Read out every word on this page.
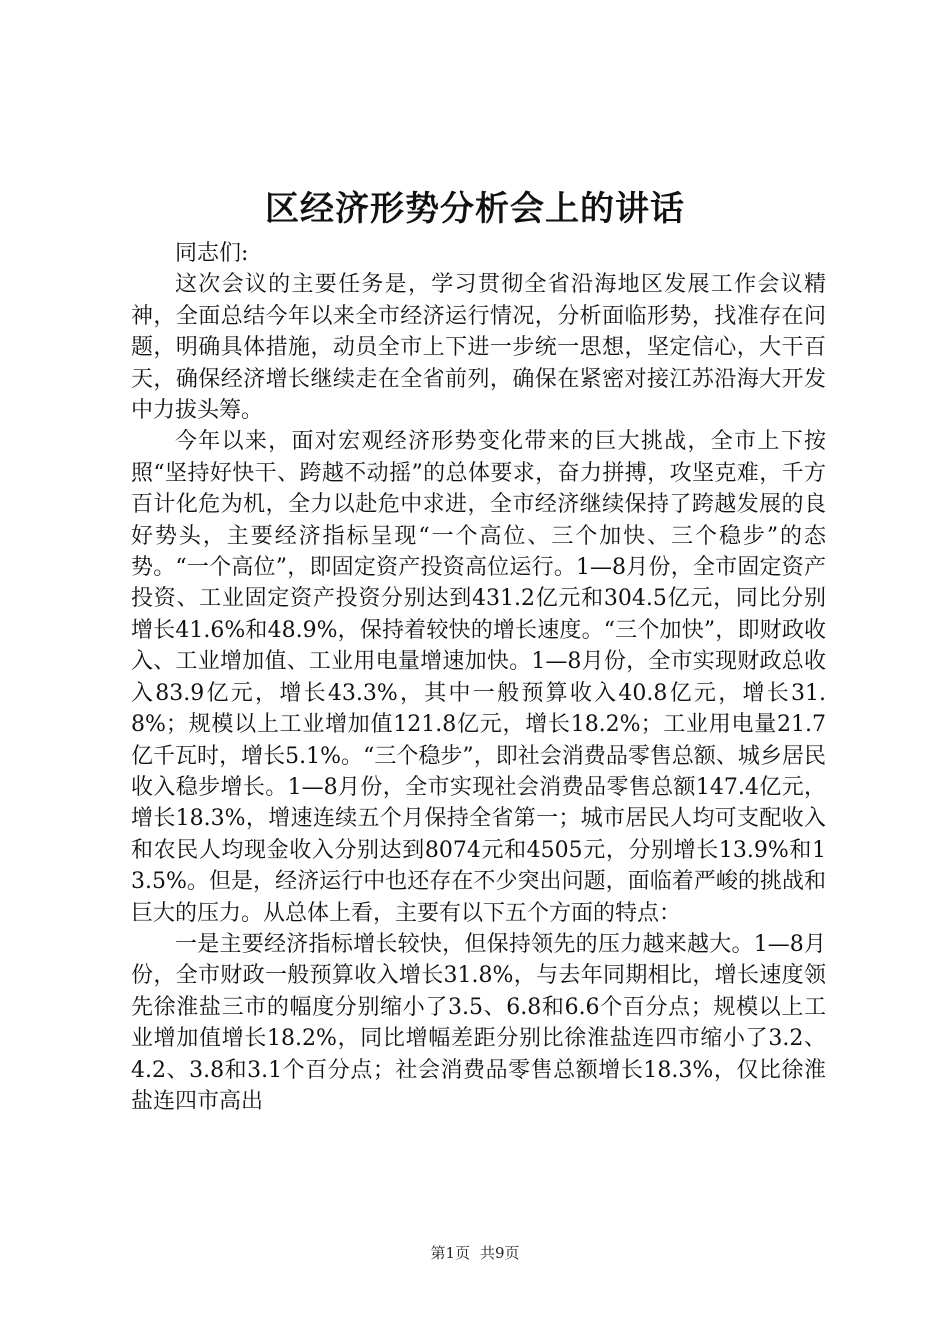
区经济形势分析会上的讲话

同志们:

这次会议的主要任务是，学习贯彻全省沿海地区发展工作会议精神，全面总结今年以来全市经济运行情况，分析面临形势，找准存在问题，明确具体措施，动员全市上下进一步统一思想，坚定信心，大干百天，确保经济增长继续走在全省前列，确保在紧密对接江苏沿海大开发中力拔头筹。

今年以来，面对宏观经济形势变化带来的巨大挑战，全市上下按照“坚持好快干、跨越不动摇”的总体要求，奋力拼搏，攻坚克难，千方百计化危为机，全力以赴危中求进，全市经济继续保持了跨越发展的良好势头，主要经济指标呈现“一个高位、三个加快、三个稳步”的态势。“一个高位”，即固定资产投资高位运行。1—8月份，全市固定资产投资、工业固定资产投资分别达到431.2亿元和304.5亿元，同比分别增长41.6%和48.9%，保持着较快的增长速度。“三个加快”，即财政收入、工业增加值、工业用电量增速加快。1—8月份，全市实现财政总收入83.9亿元，增长43.3%，其中一般预算收入40.8亿元，增长31.8%；规模以上工业增加值121.8亿元，增长18.2%；工业用电量21.7亿千瓦时，增长5.1%。“三个稳步”，即社会消费品零售总额、城乡居民收入稳步增长。1—8月份，全市实现社会消费品零售总额147.4亿元，增长18.3%，增速连续五个月保持全省第一；城市居民人均可支配收入和农民人均现金收入分别达到8074元和4505元，分别增长13.9%和13.5%。但是，经济运行中也还存在不少突出问题，面临着严峻的挑战和巨大的压力。从总体上看，主要有以下五个方面的特点：

一是主要经济指标增长较快，但保持领先的压力越来越大。1—8月份，全市财政一般预算收入增长31.8%，与去年同期相比，增长速度领先徐淮盐三市的幅度分别缩小了3.5、6.8和6.6个百分点；规模以上工业增加值增长18.2%，同比增幅差距分别比徐淮盐连四市缩小了3.2、4.2、3.8和3.1个百分点；社会消费品零售总额增长18.3%，仅比徐淮盐连四市高出

第1页 共9页
